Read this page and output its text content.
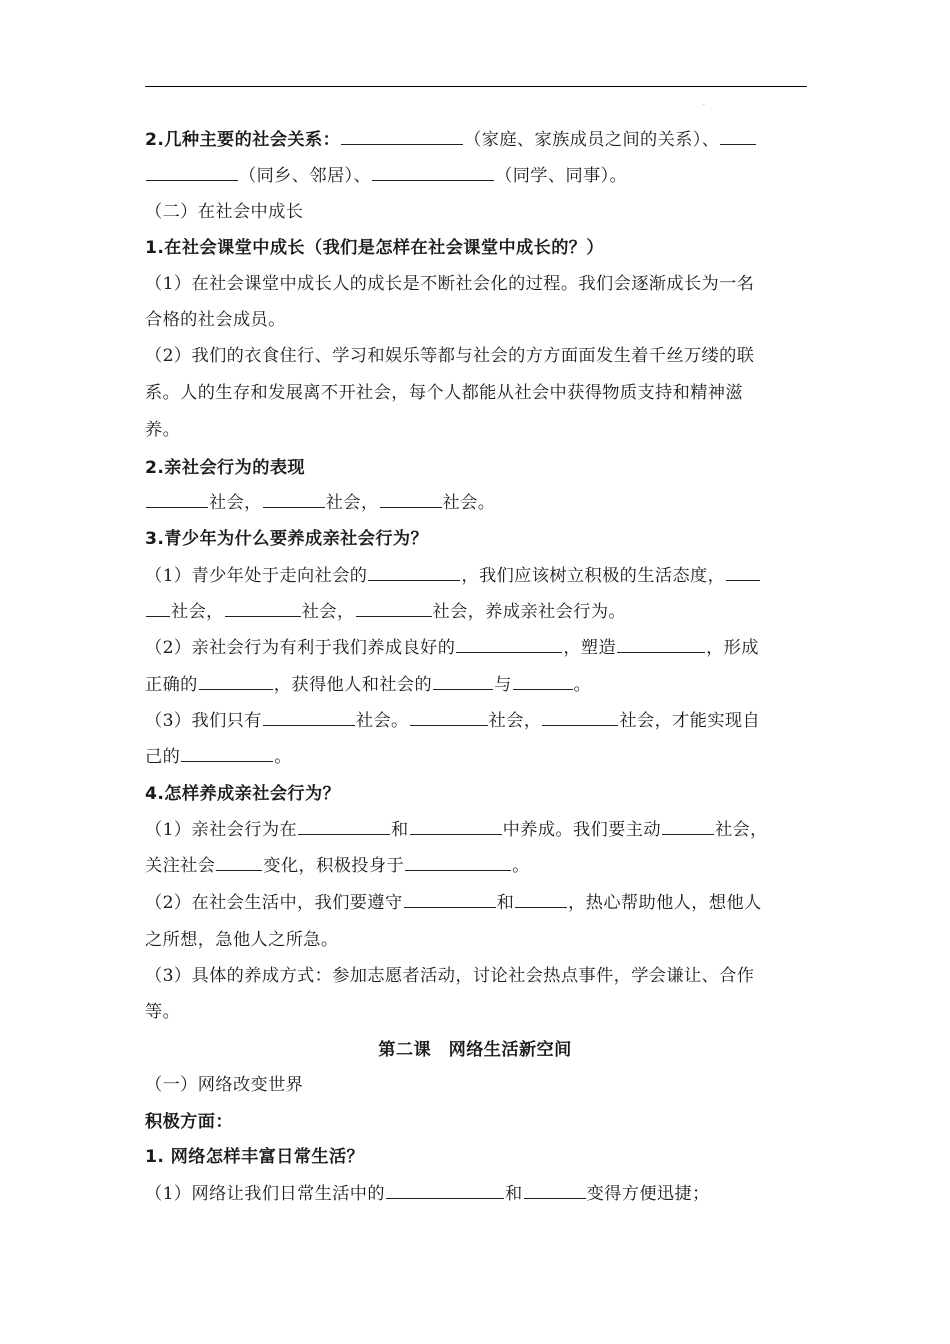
.
2.几种主要的社会关系：	（家庭、家族成员之间的关系）、
（同乡、邻居）、	（同学、同事）。
（二）在社会中成长
1.在社会课堂中成长（我们是怎样在社会课堂中成长的？）
（1）在社会课堂中成长人的成长是不断社会化的过程。我们会逐渐成长为一名
合格的社会成员。
（2）我们的衣食住行、学习和娱乐等都与社会的方方面面发生着千丝万缕的联
系。人的生存和发展离不开社会，每个人都能从社会中获得物质支持和精神滋
养。
2.亲社会行为的表现
社会，	社会，	社会。
3.青少年为什么要养成亲社会行为？
（1）青少年处于走向社会的	，我们应该树立积极的生活态度，
社会，	社会，	社会，养成亲社会行为。
（2）亲社会行为有利于我们养成良好的	，塑造	，形成
正确的	，获得他人和社会的	与	。
（3）我们只有	社会。	社会，	社会，才能实现自
己的	。
4.怎样养成亲社会行为？
（1）亲社会行为在	和	中养成。我们要主动	社会，
关注社会	变化，积极投身于	。
（2）在社会生活中，我们要遵守	和	，热心帮助他人，想他人
之所想，急他人之所急。
（3）具体的养成方式：参加志愿者活动，讨论社会热点事件，学会谦让、合作
等。
第二课　网络生活新空间
（一）网络改变世界
积极方面：
1. 网络怎样丰富日常生活？
（1）网络让我们日常生活中的	和	变得方便迅捷；
